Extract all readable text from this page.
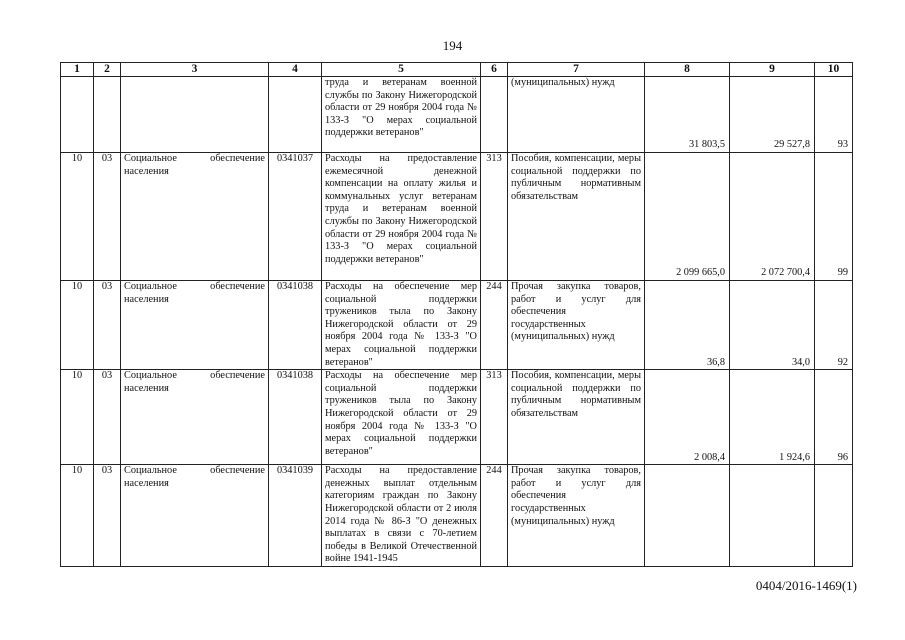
194
1	2	3	4	5	6	7	8	9	10
				труда и ветеранам военной службы по Закону Нижегородской области от 29 ноября 2004 года № 133-З "О мерах социальной поддержки ветеранов"		(муниципальных) нужд	31 803,5	29 527,8	93
10	03	Социальное обеспечение населения	0341037	Расходы на предоставление ежемесячной денежной компенсации на оплату жилья и коммунальных услуг ветеранам труда и ветеранам военной службы по Закону Нижегородской области от 29 ноября 2004 года № 133-З "О мерах социальной поддержки ветеранов"	313	Пособия, компенсации, меры социальной поддержки по публичным нормативным обязательствам	2 099 665,0	2 072 700,4	99
10	03	Социальное обеспечение населения	0341038	Расходы на обеспечение мер социальной поддержки тружеников тыла по Закону Нижегородской области от 29 ноября 2004 года № 133-З "О мерах социальной поддержки ветеранов"	244	Прочая закупка товаров, работ и услуг для обеспечения государственных (муниципальных) нужд	36,8	34,0	92
10	03	Социальное обеспечение населения	0341038	Расходы на обеспечение мер социальной поддержки тружеников тыла по Закону Нижегородской области от 29 ноября 2004 года № 133-З "О мерах социальной поддержки ветеранов"	313	Пособия, компенсации, меры социальной поддержки по публичным нормативным обязательствам	2 008,4	1 924,6	96
10	03	Социальное обеспечение населения	0341039	Расходы на предоставление денежных выплат отдельным категориям граждан по Закону Нижегородской области от 2 июля 2014 года № 86-З "О денежных выплатах в связи с 70-летием победы в Великой Отечественной войне 1941-1945	244	Прочая закупка товаров, работ и услуг для обеспечения государственных (муниципальных) нужд			
0404/2016-1469(1)
